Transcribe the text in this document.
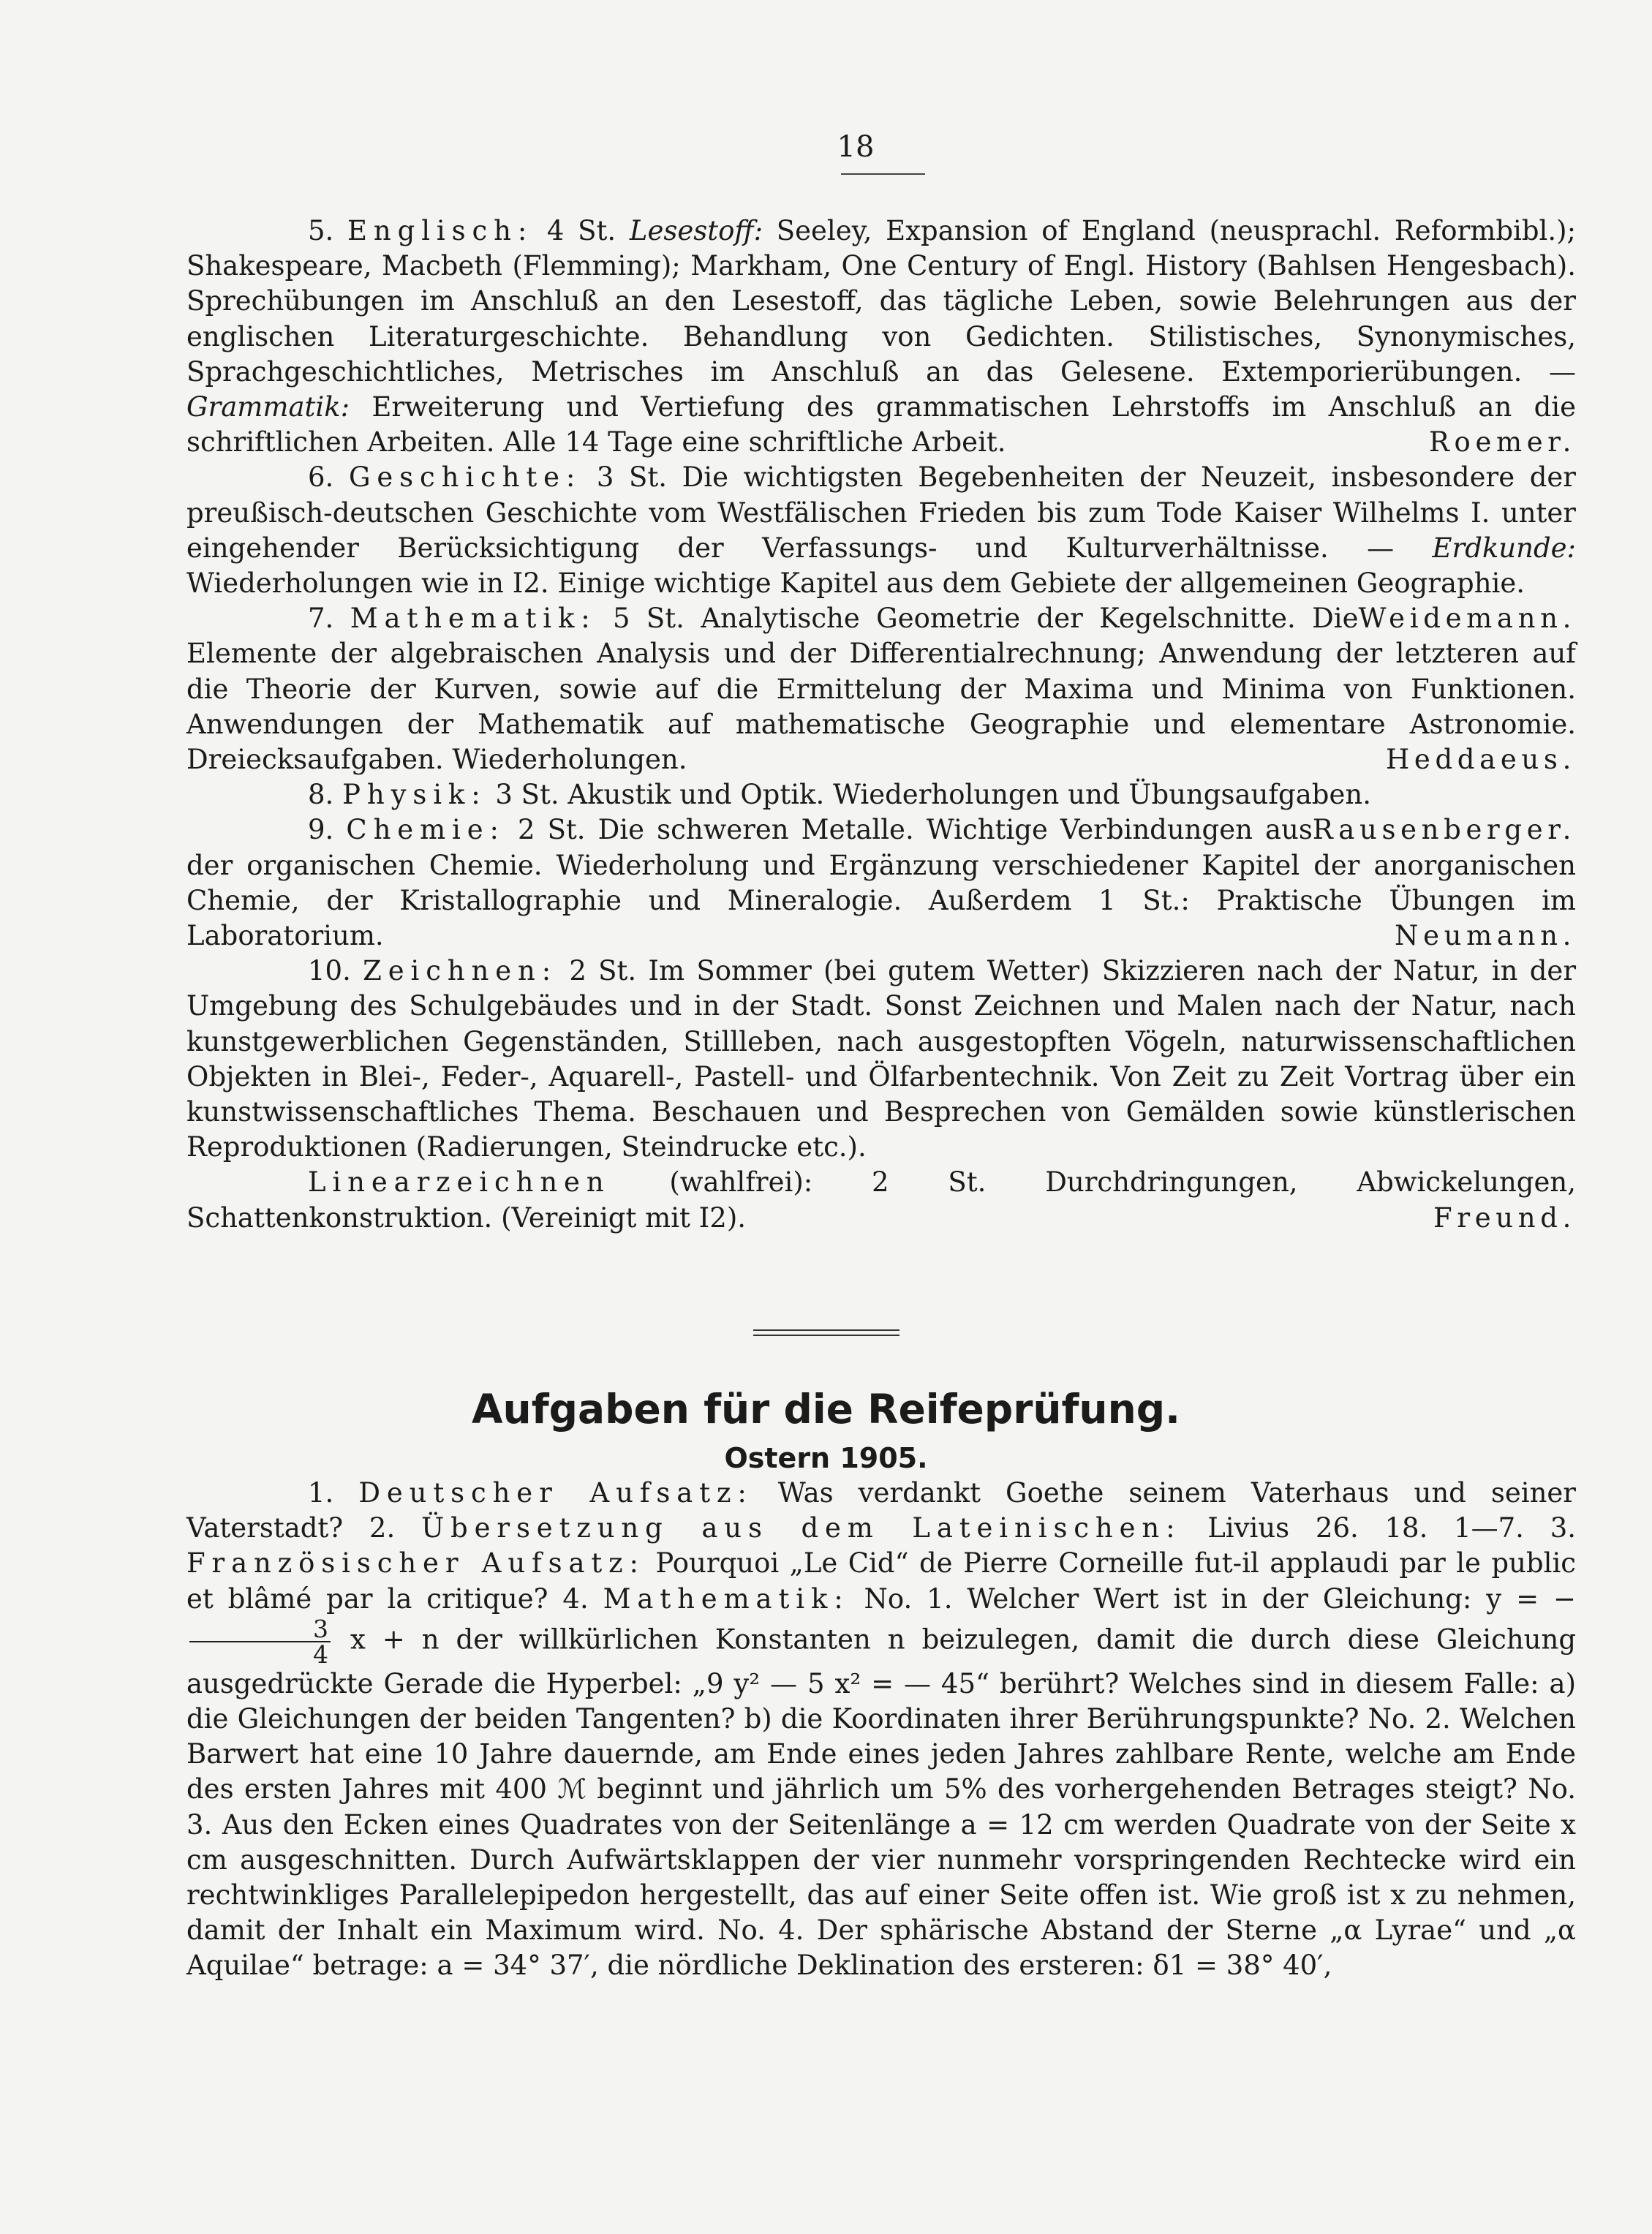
18

5. Englisch: 4 St. Lesestoff: Seeley, Expansion of England (neusprachl. Reformbibl.); Shakespeare, Macbeth (Flemming); Markham, One Century of Engl. History (Bahlsen Hengesbach). Sprechübungen im Anschluß an den Lesestoff, das tägliche Leben, sowie Belehrungen aus der englischen Literaturgeschichte. Behandlung von Gedichten. Stilistisches, Synonymisches, Sprachgeschichtliches, Metrisches im Anschluß an das Gelesene. Extemporierübungen. — Grammatik: Erweiterung und Vertiefung des grammatischen Lehrstoffs im Anschluß an die schriftlichen Arbeiten. Alle 14 Tage eine schriftliche Arbeit.	Roemer.

6. Geschichte: 3 St. Die wichtigsten Begebenheiten der Neuzeit, insbesondere der preußisch-deutschen Geschichte vom Westfälischen Frieden bis zum Tode Kaiser Wilhelms I. unter eingehender Berücksichtigung der Verfassungs- und Kulturverhältnisse. — Erdkunde: Wiederholungen wie in I2. Einige wichtige Kapitel aus dem Gebiete der allgemeinen Geographie.
Weidemann.

7. Mathematik: 5 St. Analytische Geometrie der Kegelschnitte. Die Elemente der algebraischen Analysis und der Differentialrechnung; Anwendung der letzteren auf die Theorie der Kurven, sowie auf die Ermittelung der Maxima und Minima von Funktionen. Anwendungen der Mathematik auf mathematische Geographie und elementare Astronomie. Dreiecksaufgaben. Wiederholungen.	Heddaeus.

8. Physik: 3 St. Akustik und Optik. Wiederholungen und Übungsaufgaben.
Rausenberger.

9. Chemie: 2 St. Die schweren Metalle. Wichtige Verbindungen aus der organischen Chemie. Wiederholung und Ergänzung verschiedener Kapitel der anorganischen Chemie, der Kristallographie und Mineralogie. Außerdem 1 St.: Praktische Übungen im Laboratorium.	Neumann.

10. Zeichnen: 2 St. Im Sommer (bei gutem Wetter) Skizzieren nach der Natur, in der Umgebung des Schulgebäudes und in der Stadt. Sonst Zeichnen und Malen nach der Natur, nach kunstgewerblichen Gegenständen, Stillleben, nach ausgestopften Vögeln, naturwissenschaftlichen Objekten in Blei-, Feder-, Aquarell-, Pastell- und Ölfarbentechnik. Von Zeit zu Zeit Vortrag über ein kunstwissenschaftliches Thema. Beschauen und Besprechen von Gemälden sowie künstlerischen Reproduktionen (Radierungen, Steindrucke etc.).

Linearzeichnen (wahlfrei): 2 St. Durchdringungen, Abwickelungen, Schattenkonstruktion. (Vereinigt mit I2).	Freund.

Aufgaben für die Reifeprüfung.
Ostern 1905.

1. Deutscher Aufsatz: Was verdankt Goethe seinem Vaterhaus und seiner Vaterstadt? 2. Übersetzung aus dem Lateinischen: Livius 26. 18. 1—7. 3. Französischer Aufsatz: Pourquoi „Le Cid“ de Pierre Corneille fut-il applaudi par le public et blâmé par la critique? 4. Mathematik: No. 1. Welcher Wert ist in der Gleichung: y = −
$\frac{3}{4}$ x + n der willkürlichen Konstanten n beizulegen, damit die durch diese Gleichung ausgedrückte Gerade die Hyperbel: „9 y² — 5 x² = — 45“ berührt? Welches sind in diesem Falle: a) die Gleichungen der beiden Tangenten? b) die Koordinaten ihrer Berührungspunkte? No. 2. Welchen Barwert hat eine 10 Jahre dauernde, am Ende eines jeden Jahres zahlbare Rente, welche am Ende des ersten Jahres mit 400 ℳ beginnt und jährlich um 5% des vorhergehenden Betrages steigt? No. 3. Aus den Ecken eines Quadrates von der Seitenlänge a = 12 cm werden Quadrate von der Seite x cm ausgeschnitten. Durch Aufwärtsklappen der vier nunmehr vorspringenden Rechtecke wird ein rechtwinkliges Parallelepipedon hergestellt, das auf einer Seite offen ist. Wie groß ist x zu nehmen, damit der Inhalt ein Maximum wird. No. 4. Der sphärische Abstand der Sterne „α Lyrae“ und „α Aquilae“ betrage: a = 34° 37′, die nördliche Deklination des ersteren: δ1 = 38° 40′,
